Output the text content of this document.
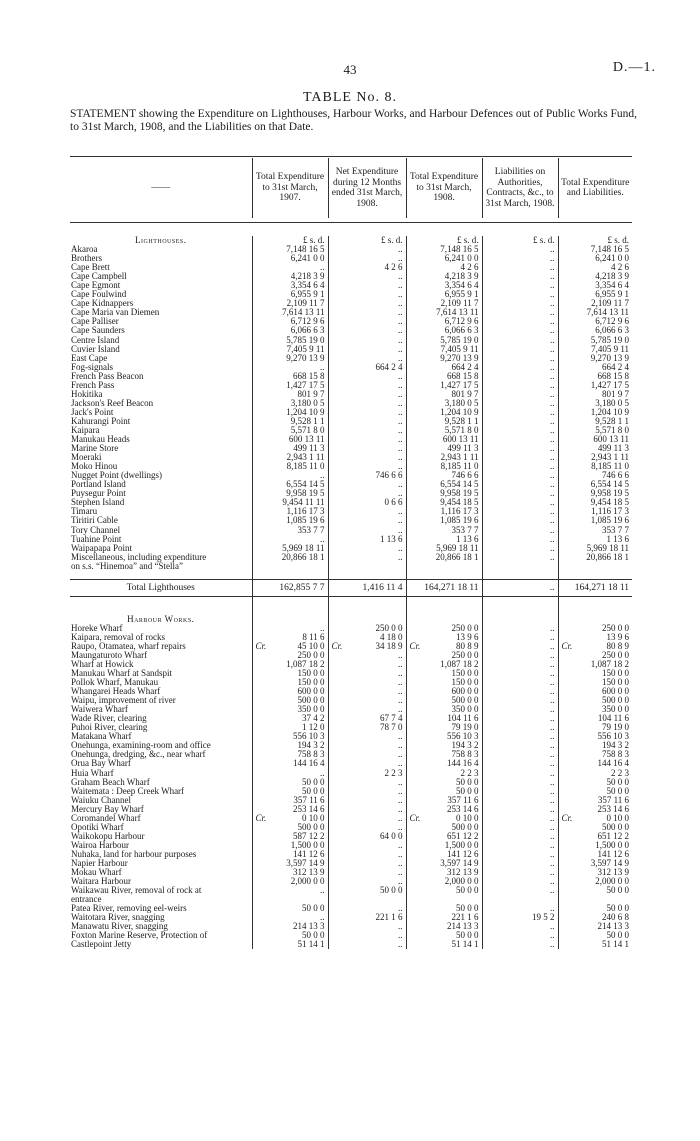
43	D.—1.
TABLE No. 8.
STATEMENT showing the Expenditure on Lighthouses, Harbour Works, and Harbour Defences out of Public Works Fund, to 31st March, 1908, and the Liabilities on that Date.
——	Total Expenditure to 31st March, 1907.	Net Expenditure during 12 Months ended 31st March, 1908.	Total Expenditure to 31st March, 1908.	Liabilities on Authorities, Contracts, &c., to 31st March, 1908.	Total Expenditure and Liabilities.
Lighthouses.	£ s. d.	£ s. d.	£ s. d.	£ s. d.	£ s. d.
Akaroa	7,148 16 5	..	7,148 16 5	..	7,148 16 5
Brothers	6,241 0 0	..	6,241 0 0	..	6,241 0 0
Cape Brett	..	4 2 6	4 2 6	..	4 2 6
Cape Campbell	4,218 3 9	..	4,218 3 9	..	4,218 3 9
Cape Egmont	3,354 6 4	..	3,354 6 4	..	3,354 6 4
Cape Foulwind	6,955 9 1	..	6,955 9 1	..	6,955 9 1
Cape Kidnappers	2,109 11 7	..	2,109 11 7	..	2,109 11 7
Cape Maria van Diemen	7,614 13 11	..	7,614 13 11	..	7,614 13 11
Cape Palliser	6,712 9 6	..	6,712 9 6	..	6,712 9 6
Cape Saunders	6,066 6 3	..	6,066 6 3	..	6,066 6 3
Centre Island	5,785 19 0	..	5,785 19 0	..	5,785 19 0
Cuvier Island	7,405 9 11	..	7,405 9 11	..	7,405 9 11
East Cape	9,270 13 9	..	9,270 13 9	..	9,270 13 9
Fog-signals	..	664 2 4	664 2 4	..	664 2 4
French Pass Beacon	668 15 8	..	668 15 8	..	668 15 8
French Pass	1,427 17 5	..	1,427 17 5	..	1,427 17 5
Hokitika	801 9 7	..	801 9 7	..	801 9 7
Jackson's Reef Beacon	3,180 0 5	..	3,180 0 5	..	3,180 0 5
Jack's Point	1,204 10 9	..	1,204 10 9	..	1,204 10 9
Kahurangi Point	9,528 1 1	..	9,528 1 1	..	9,528 1 1
Kaipara	5,571 8 0	..	5,571 8 0	..	5,571 8 0
Manukau Heads	600 13 11	..	600 13 11	..	600 13 11
Marine Store	499 11 3	..	499 11 3	..	499 11 3
Moeraki	2,943 1 11	..	2,943 1 11	..	2,943 1 11
Moko Hinou	8,185 11 0	..	8,185 11 0	..	8,185 11 0
Nugget Point (dwellings)	..	746 6 6	746 6 6	..	746 6 6
Portland Island	6,554 14 5	..	6,554 14 5	..	6,554 14 5
Puysegur Point	9,958 19 5	..	9,958 19 5	..	9,958 19 5
Stephen Island	9,454 11 11	0 6 6	9,454 18 5	..	9,454 18 5
Timaru	1,116 17 3	..	1,116 17 3	..	1,116 17 3
Tiritiri Cable	1,085 19 6	..	1,085 19 6	..	1,085 19 6
Tory Channel	353 7 7	..	353 7 7	..	353 7 7
Tuahine Point	..	1 13 6	1 13 6	..	1 13 6
Waipapapa Point	5,969 18 11	..	5,969 18 11	..	5,969 18 11
Miscellaneous, including expenditure	20,866 18 1	..	20,866 18 1	..	20,866 18 1
on s.s. “Hinemoa” and “Stella”					

Total Lighthouses	162,855 7 7	1,416 11 4	164,271 18 11	..	164,271 18 11

Harbour Works.					
Horeke Wharf	..	250 0 0	250 0 0	..	250 0 0
Kaipara, removal of rocks	8 11 6	4 18 0	13 9 6	..	13 9 6
Raupo, Otamatea, wharf repairs	Cr. 45 10 0	Cr. 34 18 9	Cr. 80 8 9	..	Cr. 80 8 9
Maungaturoto Wharf	250 0 0	..	250 0 0	..	250 0 0
Wharf at Howick	1,087 18 2	..	1,087 18 2	..	1,087 18 2
Manukau Wharf at Sandspit	150 0 0	..	150 0 0	..	150 0 0
Pollok Wharf, Manukau	150 0 0	..	150 0 0	..	150 0 0
Whangarei Heads Wharf	600 0 0	..	600 0 0	..	600 0 0
Waipu, improvement of river	500 0 0	..	500 0 0	..	500 0 0
Waiwera Wharf	350 0 0	..	350 0 0	..	350 0 0
Wade River, clearing	37 4 2	67 7 4	104 11 6	..	104 11 6
Puhoi River, clearing	1 12 0	78 7 0	79 19 0	..	79 19 0
Matakana Wharf	556 10 3	..	556 10 3	..	556 10 3
Onehunga, examining-room and office	194 3 2	..	194 3 2	..	194 3 2
Onehunga, dredging, &c., near wharf	758 8 3	..	758 8 3	..	758 8 3
Orua Bay Wharf	144 16 4	..	144 16 4	..	144 16 4
Huia Wharf	..	2 2 3	2 2 3	..	2 2 3
Graham Beach Wharf	50 0 0	..	50 0 0	..	50 0 0
Waitemata : Deep Creek Wharf	50 0 0	..	50 0 0	..	50 0 0
Waiuku Channel	357 11 6	..	357 11 6	..	357 11 6
Mercury Bay Wharf	253 14 6	..	253 14 6	..	253 14 6
Coromandel Wharf	Cr. 0 10 0	..	Cr. 0 10 0	..	Cr. 0 10 0
Opotiki Wharf	500 0 0	..	500 0 0	..	500 0 0
Waikokopu Harbour	587 12 2	64 0 0	651 12 2	..	651 12 2
Wairoa Harbour	1,500 0 0	..	1,500 0 0	..	1,500 0 0
Nuhaka, land for harbour purposes	141 12 6	..	141 12 6	..	141 12 6
Napier Harbour	3,597 14 9	..	3,597 14 9	..	3,597 14 9
Mokau Wharf	312 13 9	..	312 13 9	..	312 13 9
Waitara Harbour	2,000 0 0	..	2,000 0 0	..	2,000 0 0
Waikawau River, removal of rock at	..	50 0 0	50 0 0	..	50 0 0
entrance					
Patea River, removing eel-weirs	50 0 0	..	50 0 0	..	50 0 0
Waitotara River, snagging	..	221 1 6	221 1 6	19 5 2	240 6 8
Manawatu River, snagging	214 13 3	..	214 13 3	..	214 13 3
Foxton Marine Reserve, Protection of	50 0 0	..	50 0 0	..	50 0 0
Castlepoint Jetty	51 14 1	..	51 14 1	..	51 14 1
